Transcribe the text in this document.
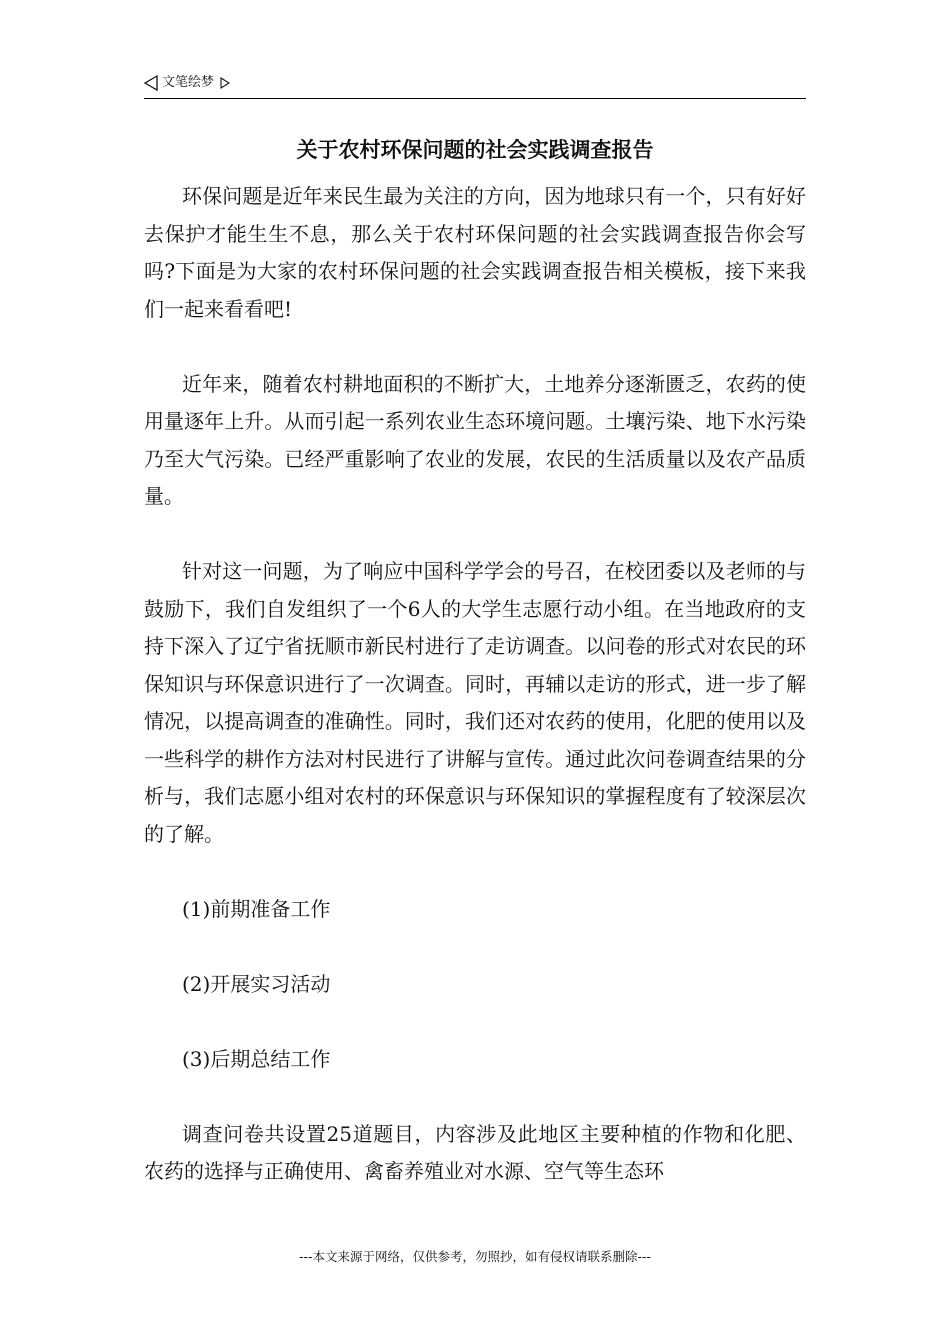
文笔绘梦
关于农村环保问题的社会实践调查报告

环保问题是近年来民生最为关注的方向，因为地球只有一个，只有好好去保护才能生生不息，那么关于农村环保问题的社会实践调查报告你会写吗?下面是为大家的农村环保问题的社会实践调查报告相关模板，接下来我们一起来看看吧!

近年来，随着农村耕地面积的不断扩大，土地养分逐渐匮乏，农药的使用量逐年上升。从而引起一系列农业生态环境问题。土壤污染、地下水污染乃至大气污染。已经严重影响了农业的发展，农民的生活质量以及农产品质量。

针对这一问题，为了响应中国科学学会的号召，在校团委以及老师的与鼓励下，我们自发组织了一个6人的大学生志愿行动小组。在当地政府的支持下深入了辽宁省抚顺市新民村进行了走访调查。以问卷的形式对农民的环保知识与环保意识进行了一次调查。同时，再辅以走访的形式，进一步了解情况，以提高调查的准确性。同时，我们还对农药的使用，化肥的使用以及一些科学的耕作方法对村民进行了讲解与宣传。通过此次问卷调查结果的分析与，我们志愿小组对农村的环保意识与环保知识的掌握程度有了较深层次的了解。

(1)前期准备工作

(2)开展实习活动

(3)后期总结工作

调查问卷共设置25道题目，内容涉及此地区主要种植的作物和化肥、农药的选择与正确使用、禽畜养殖业对水源、空气等生态环

---本文来源于网络，仅供参考，勿照抄，如有侵权请联系删除---
